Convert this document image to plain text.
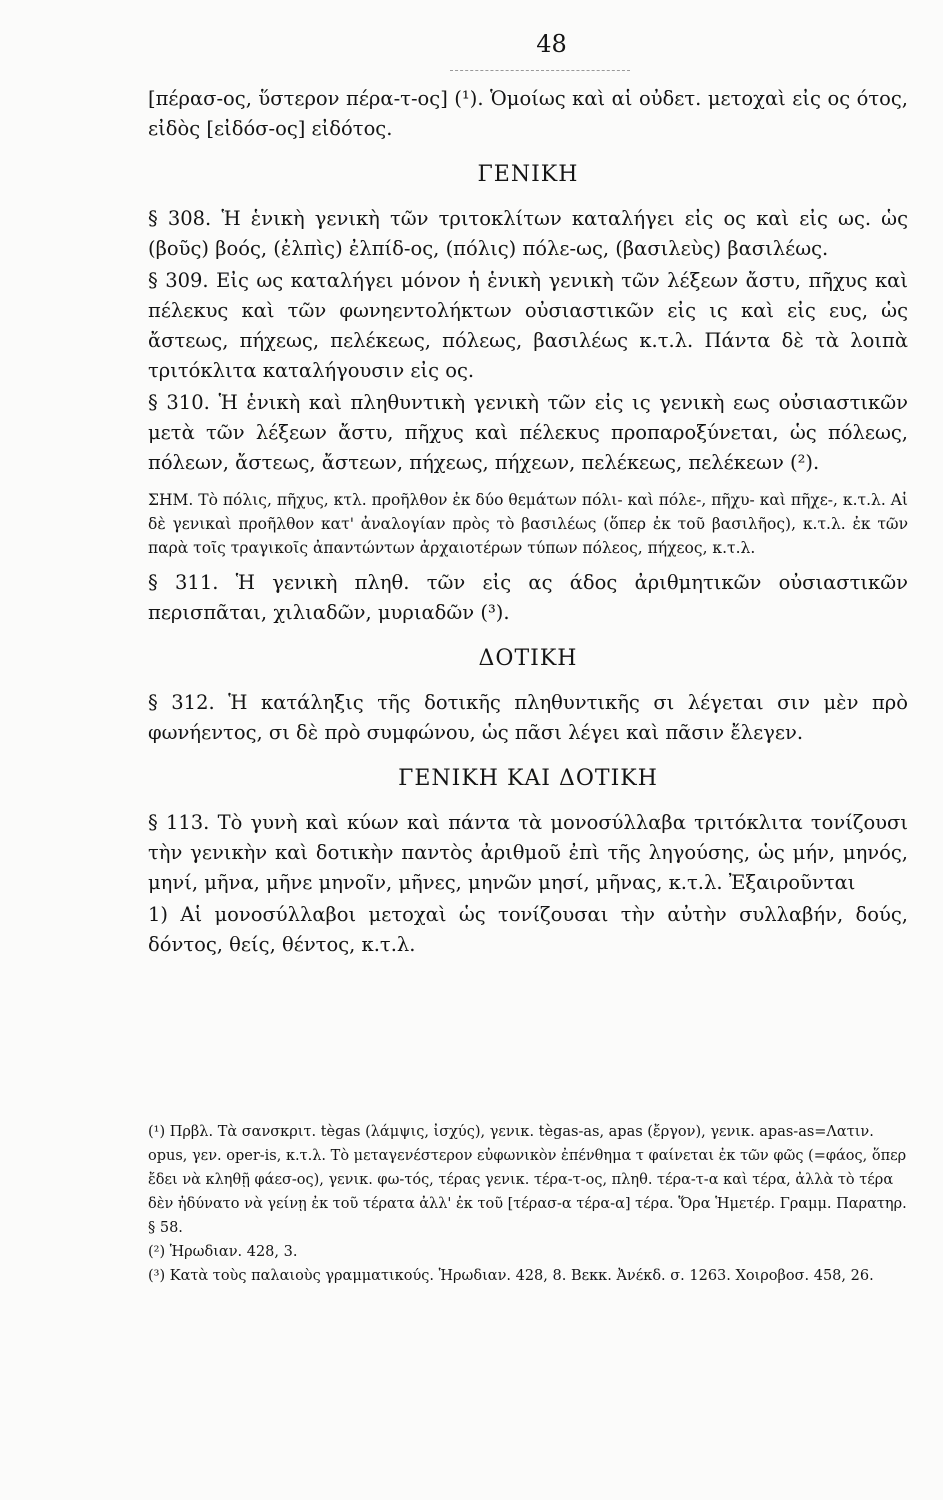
48

[πέρασ-ος, ὕστερον πέρα-τ-ος] (¹). Ὁμοίως καὶ αἱ οὐδετ. μετοχαὶ εἰς ος ότος, εἰδὸς [εἰδόσ-ος] εἰδότος.

ΓΕΝΙΚΗ

§ 308. Ἡ ἑνικὴ γενικὴ τῶν τριτοκλίτων καταλήγει εἰς ος καὶ εἰς ως. ὡς (βοῦς) βοός, (ἐλπὶς) ἐλπίδ-ος, (πόλις) πόλε-ως, (βασιλεὺς) βασιλέως.

§ 309. Εἰς ως καταλήγει μόνον ἡ ἑνικὴ γενικὴ τῶν λέξεων ἄστυ, πῆχυς καὶ πέλεκυς καὶ τῶν φωνηεντολήκτων οὐσιαστικῶν εἰς ις καὶ εἰς ευς, ὡς ἄστεως, πήχεως, πελέκεως, πόλεως, βασιλέως κ.τ.λ. Πάντα δὲ τὰ λοιπὰ τριτόκλιτα καταλήγουσιν εἰς ος.

§ 310. Ἡ ἑνικὴ καὶ πληθυντικὴ γενικὴ τῶν εἰς ις γενικὴ εως οὐσιαστικῶν μετὰ τῶν λέξεων ἄστυ, πῆχυς καὶ πέλεκυς προπαροξύνεται, ὡς πόλεως, πόλεων, ἄστεως, ἄστεων, πήχεως, πήχεων, πελέκεως, πελέκεων (²).

ΣΗΜ. Τὸ πόλις, πῆχυς, κτλ. προῆλθον ἐκ δύο θεμάτων πόλι- καὶ πόλε-, πῆχυ- καὶ πῆχε-, κ.τ.λ. Αἱ δὲ γενικαὶ προῆλθον κατ' ἀναλογίαν πρὸς τὸ βασιλέως (ὅπερ ἐκ τοῦ βασιλῆος), κ.τ.λ. ἐκ τῶν παρὰ τοῖς τραγικοῖς ἀπαντώντων ἀρχαιοτέρων τύπων πόλεος, πήχεος, κ.τ.λ.

§ 311. Ἡ γενικὴ πληθ. τῶν εἰς ας άδος ἀριθμητικῶν οὐσιαστικῶν περισπᾶται, χιλιαδῶν, μυριαδῶν (³).

ΔΟΤΙΚΗ

§ 312. Ἡ κατάληξις τῆς δοτικῆς πληθυντικῆς σι λέγεται σιν μὲν πρὸ φωνήεντος, σι δὲ πρὸ συμφώνου, ὡς πᾶσι λέγει καὶ πᾶσιν ἔλεγεν.

ΓΕΝΙΚΗ ΚΑΙ ΔΟΤΙΚΗ

§ 113. Τὸ γυνὴ καὶ κύων καὶ πάντα τὰ μονοσύλλαβα τριτόκλιτα τονίζουσι τὴν γενικὴν καὶ δοτικὴν παντὸς ἀριθμοῦ ἐπὶ τῆς ληγούσης, ὡς μήν, μηνός, μηνί, μῆνα, μῆνε μηνοῖν, μῆνες, μηνῶν μησί, μῆνας, κ.τ.λ. Ἐξαιροῦνται

1) Αἱ μονοσύλλαβοι μετοχαὶ ὡς τονίζουσαι τὴν αὐτὴν συλλαβήν, δούς, δόντος, θείς, θέντος, κ.τ.λ.

(¹) Πρβλ. Τὰ σανσκριτ. tègas (λάμψις, ἰσχύς), γενικ. tègas-as, apas (ἔργον), γενικ. apas-as=Λατιν. opus, γεν. oper-is, κ.τ.λ. Τὸ μεταγενέστερον εὐφωνικὸν ἐπένθημα τ φαίνεται ἐκ τῶν φῶς (=φάος, ὅπερ ἔδει νὰ κληθῇ φάεσ-ος), γενικ. φω-τός, τέρας γενικ. τέρα-τ-ος, πληθ. τέρα-τ-α καὶ τέρα, ἀλλὰ τὸ τέρα δὲν ἠδύνατο νὰ γείνῃ ἐκ τοῦ τέρατα ἀλλ' ἐκ τοῦ [τέρασ-α τέρα-α] τέρα. Ὅρα Ἡμετέρ. Γραμμ. Παρατηρ. § 58.

(²) Ἡρωδιαν. 428, 3.

(³) Κατὰ τοὺς παλαιοὺς γραμματικούς. Ἡρωδιαν. 428, 8. Βεκκ. Ἀνέκδ. σ. 1263. Χοιροβοσ. 458, 26.
